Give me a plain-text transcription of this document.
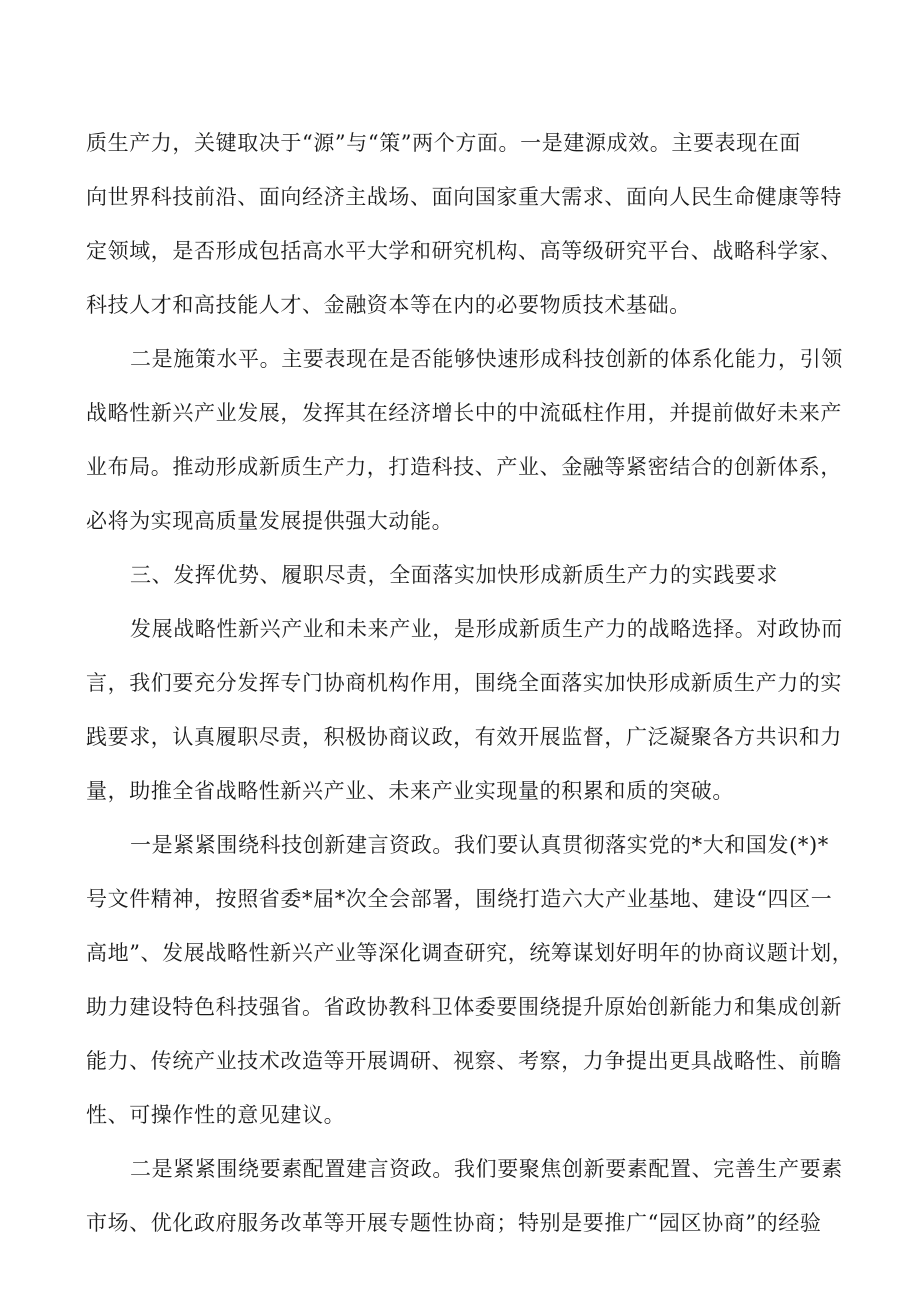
质生产力，关键取决于“源”与“策”两个方面。一是建源成效。主要表现在面
向世界科技前沿、面向经济主战场、面向国家重大需求、面向人民生命健康等特
定领域，是否形成包括高水平大学和研究机构、高等级研究平台、战略科学家、
科技人才和高技能人才、金融资本等在内的必要物质技术基础。
二是施策水平。主要表现在是否能够快速形成科技创新的体系化能力，引领
战略性新兴产业发展，发挥其在经济增长中的中流砥柱作用，并提前做好未来产
业布局。推动形成新质生产力，打造科技、产业、金融等紧密结合的创新体系，
必将为实现高质量发展提供强大动能。
三、发挥优势、履职尽责，全面落实加快形成新质生产力的实践要求
发展战略性新兴产业和未来产业，是形成新质生产力的战略选择。对政协而
言，我们要充分发挥专门协商机构作用，围绕全面落实加快形成新质生产力的实
践要求，认真履职尽责，积极协商议政，有效开展监督，广泛凝聚各方共识和力
量，助推全省战略性新兴产业、未来产业实现量的积累和质的突破。
一是紧紧围绕科技创新建言资政。我们要认真贯彻落实党的*大和国发(*)*
号文件精神，按照省委*届*次全会部署，围绕打造六大产业基地、建设“四区一
高地”、发展战略性新兴产业等深化调查研究，统筹谋划好明年的协商议题计划，
助力建设特色科技强省。省政协教科卫体委要围绕提升原始创新能力和集成创新
能力、传统产业技术改造等开展调研、视察、考察，力争提出更具战略性、前瞻
性、可操作性的意见建议。
二是紧紧围绕要素配置建言资政。我们要聚焦创新要素配置、完善生产要素
市场、优化政府服务改革等开展专题性协商；特别是要推广“园区协商”的经验
